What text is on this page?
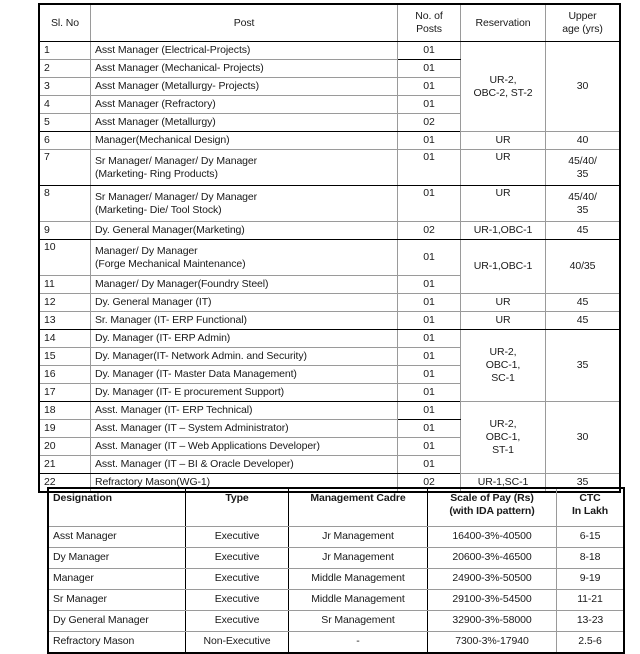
Sl. No	Post	No. of
Posts	Reservation	Upper
age (yrs)

1	Asst Manager (Electrical-Projects)	01	UR-2,
OBC-2, ST-2	30
2	Asst Manager (Mechanical- Projects)	01		
3	Asst Manager (Metallurgy- Projects)	01		
4	Asst Manager (Refractory)	01		
5	Asst Manager (Metallurgy)	02		
6	Manager(Mechanical Design)	01	UR	40
7	Sr Manager/ Manager/ Dy Manager
(Marketing- Ring Products)	01	UR	45/40/
35

8	Sr Manager/ Manager/ Dy Manager
(Marketing- Die/ Tool Stock)	01	UR	45/40/
35

9	Dy. General Manager(Marketing)	02	UR-1,OBC-1	45
10	Manager/ Dy Manager
(Forge Mechanical Maintenance)	01	UR-1,OBC-1	40/35
11	Manager/ Dy Manager(Foundry Steel)	01		
12	Dy. General Manager (IT)	01	UR	45
13	Sr. Manager (IT- ERP Functional)	01	UR	45
14	Dy. Manager (IT- ERP Admin)	01	UR-2,
OBC-1,
SC-1	35
15	Dy. Manager(IT- Network Admin. and Security)	01		
16	Dy. Manager (IT- Master Data Management)	01		
17	Dy. Manager (IT- E procurement Support)	01		
18	Asst. Manager (IT- ERP Technical)	01	UR-2,
OBC-1,
ST-1	30
19	Asst. Manager (IT – System Administrator)	01		
20	Asst. Manager (IT – Web Applications Developer)	01		
21	Asst. Manager (IT – BI & Oracle Developer)	01		
22	Refractory Mason(WG-1)	02	UR-1,SC-1	35
Designation	Type	Management Cadre	Scale of Pay (Rs)
(with IDA pattern)	CTC
In Lakh

Asst Manager	Executive	Jr Management	16400-3%-40500	6-15
Dy Manager	Executive	Jr Management	20600-3%-46500	8-18
Manager	Executive	Middle Management	24900-3%-50500	9-19
Sr Manager	Executive	Middle Management	29100-3%-54500	11-21
Dy General Manager	Executive	Sr Management	32900-3%-58000	13-23
Refractory Mason	Non-Executive	-	7300-3%-17940	2.5-6
